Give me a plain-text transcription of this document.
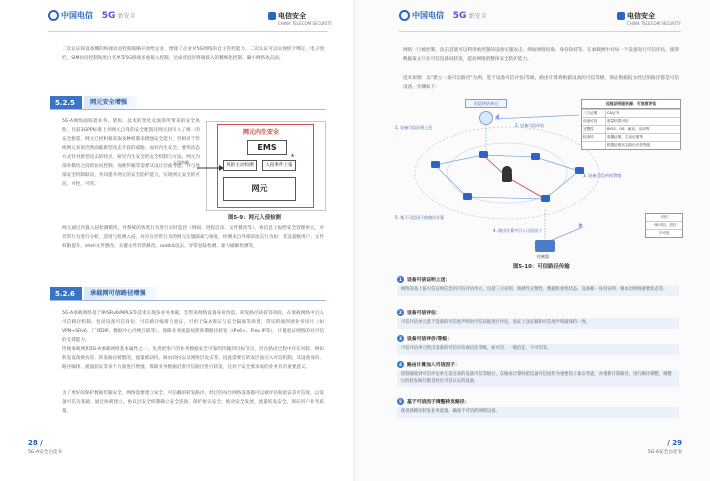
中国电信 5G 新安全	电信安全
CHINA TELECOM SECURITY

二次认证和设备侧的终端访问控制策略开放给企业，增强了企业对5G网络的自主管控能力。二次认证可以实现机卡绑定、电子围栏、SIM访问控制和黑白名单等5G终端多重接入控制，达成对园区终端接入的精细化控制，确小网络攻击面。

5.2.5	网元安全增强

5G-A网络面临着业务、架构、技术的变化及演进所带来的安全风险，目前3GPP标准上对网元自身的安全配置及网元间引入了统一的安全框架，网元已经积极采取多种机制来增强安全能力，但相对于传统网元来说仍然面临新型攻击手段的威胁。面对内生安全，要用动态方式针对新型攻击的特点，研究内生安全的安全机制与方法。网元内部各模块之间的访问控制、加密传输等需要从设计层面考虑，并与外部安全机制联动，共同提升网元的安全防护能力，实现网元安全的可信、可控、可管。

网元内生安全
EMS
风险主动检测	入侵事件上报
网元
入侵防御
▲
图5-9：网元入侵检测

网元通过内置入侵检测模块，对系统的各类行为进行实时监控（例如，进程启动、文件篡改等），将信息上报给安全管理单元，对异常行为进行分析，适用与检测入侵，对存在异常行为的网元实施隔离与恢复，检测来自外部的攻击行为如：非法超级用户、文件权限提升、shell文件篡改、关键文件异常修改、rootkit攻击、异常登陆检测、暴力破解检测等。

5.2.6	承载网可信路径增强

5G-A承载网络基于IP/SRv6/MPLS等技术实现多业务承载，会带来网络设备身份伪造、转发路径劫持等风险，在承载网络中引入可信路径机制，包括设备可信身份、可信路径编排与验证，可用于SLA保证与安全隔离等场景，常见的端到端业务切片（如VPN+SRv6、广域DIP、数据中心内网互联等），保障业务流量按照预期路径转发（IPv6+、Flex IP等），计量验证网络的对可信的支撑能力。

传统承载网和5G-A承载网络基本属性之一，负责把用户的业务数据安全可靠的传输到目标节点，但在路由过程中存在风险，例如转发设备被仿冒、转发路径被篡改、流量被劫持、路由劫持以及网络层攻击等，因此需要在转发层面引入可信机制，从设备身份、路径编排、流量验证等多个方面进行增强，保障业务数据沿着可信路径进行转发，这对于安全要求高的业务具有重要意义。

为了更好的保护数据传输安全，网络需要建立安全、可信赖的转发路径，经过的每台网络设备都可以被评估和验证其可信度，以设备可信为基础，通过协商建立、协议层安全机制确立安全连接，保护协议安全，推动安全发展、流量转发安全，保证用户业务质量。

28 /
5G-A安全白皮书
中国电信 5G 新安全	电信安全
CHINA TELECOM SECURITY

网络一旦被控制，攻击者就可以利用被控制的设备实施攻击，例如网络投毒、身份劫持等。在承载网中对每一个设备进行可信评估，使得数据报文只在可信设备间转发，提高网络的整体安全防护能力。

技术原理：以"建立一条可信路径"为例，基于设备可信评估/等级，路由计算将根据设备的可信等级，保证数据报文经过的路径都是可信设备，步骤如下：

可信评估单元	远程证明服务器：可信度评估
三方证明	CA证书
设备可信	度量结果可信
完整性	BIOS、OS、驱动、应用等
检查项	周期证明、主动证明等
根据证明状态给出可信等级
1. 设备可信证明上送	2. 设备可信评估
3. 设备可信评估/等级
4. 路由计算中引入可信因子
5. 基于可信因子的路径计算
控制器
可信
一般可信、信任
不可信
图5-10：可信路径传输
1 设备可信证明上送：
网络设备上报可信证明信息到可信评估单元，包括三方证明、软硬件完整性、数据机密性状态、设备唯一身份证明、根本层网络重要状态等。
2 设备可信评估：
可信评估单元基于设备的可信度声明对可信证据进行评估，验证上送证据和可信度声明最保持一致。
3 设备可信评价/等级：
可信评估单元给出设备的可信评价或信任等级，如可信、一般信任、不可信等。
4 路由计算加入可信因子：
控制器收到可信评估单元发送来的设备可信等级后，在路由计算时把设备可信度作为重要因子加以考虑，并重新计算路径，进行路径调整，调整后的转发路径都是经过可信认证的设备。
5 基于可信因子调整转发路径：
使用新路径转发业务流量，确保不可信的网络设备。
/ 29
5G-A安全白皮书
